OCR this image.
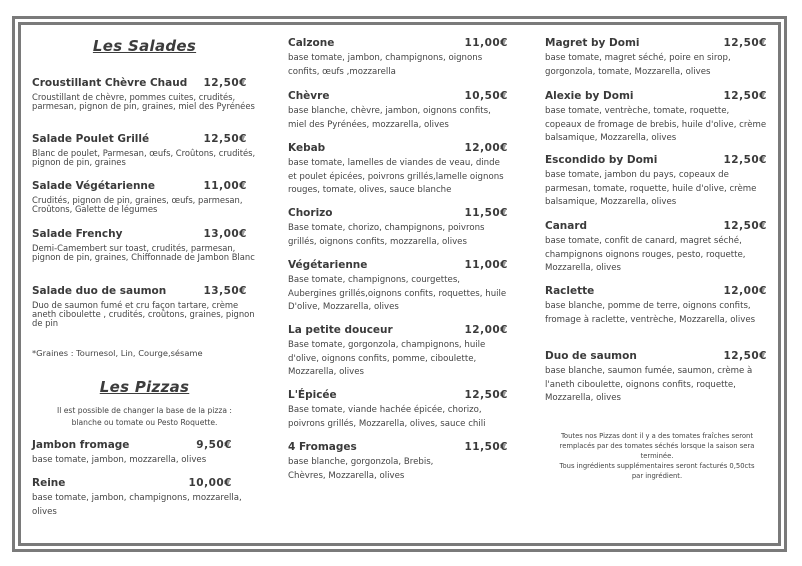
Les Salades
Croustillant Chèvre Chaud 12,50€
Croustillant de chèvre, pommes cuites, crudités, parmesan, pignon de pin, graines, miel des Pyrénées
Salade Poulet Grillé	12,50€
Blanc de poulet, Parmesan, œufs, Croûtons, crudités, pignon de pin, graines
Salade Végétarienne	11,00€
Crudités, pignon de pin, graines, œufs, parmesan, Croûtons, Galette de légumes
Salade Frenchy	13,00€
Demi-Camembert sur toast, crudités, parmesan, pignon de pin, graines, Chiffonnade de Jambon Blanc
Salade duo de saumon	13,50€
Duo de saumon fumé et cru façon tartare, crème aneth ciboulette , crudités, croûtons, graines, pignon de pin
*Graines : Tournesol, Lin, Courge,sésame
Les Pizzas
Il est possible de changer la base de la pizza :
blanche ou tomate ou Pesto Roquette.
Jambon fromage	9,50€
base tomate, jambon, mozzarella, olives
Reine	10,00€
base tomate, jambon, champignons, mozzarella, olives
Calzone	11,00€
base tomate, jambon, champignons, oignons confits, œufs ,mozzarella
Chèvre	10,50€
base blanche, chèvre, jambon, oignons confits, miel des Pyrénées, mozzarella, olives
Kebab	12,00€
base tomate, lamelles de viandes de veau, dinde et poulet épicées, poivrons grillés,lamelle oignons rouges, tomate, olives, sauce blanche
Chorizo	11,50€
Base tomate, chorizo, champignons, poivrons grillés, oignons confits, mozzarella, olives
Végétarienne	11,00€
Base tomate, champignons, courgettes, Aubergines grillés,oignons confits, roquettes, huile D'olive, Mozzarella, olives
La petite douceur	12,00€
Base tomate, gorgonzola, champignons, huile d'olive, oignons confits, pomme, ciboulette, Mozzarella, olives
L'Épicée	12,50€
Base tomate, viande hachée épicée, chorizo, poivrons grillés, Mozzarella, olives, sauce chili
4 Fromages	11,50€
base blanche, gorgonzola, Brebis, Chèvres, Mozzarella, olives
Magret by Domi	12,50€
base tomate, magret séché, poire en sirop, gorgonzola, tomate, Mozzarella, olives
Alexie by Domi	12,50€
base tomate, ventrèche, tomate, roquette, copeaux de fromage de brebis, huile d'olive, crème balsamique, Mozzarella, olives
Escondido by Domi	12,50€
base tomate, jambon du pays, copeaux de parmesan, tomate, roquette, huile d'olive, crème balsamique, Mozzarella, olives
Canard	12,50€
base tomate, confit de canard, magret séché, champignons oignons rouges, pesto, roquette, Mozzarella, olives
Raclette	12,00€
base blanche, pomme de terre, oignons confits, fromage à raclette, ventrèche, Mozzarella, olives
Duo de saumon	12,50€
base blanche, saumon fumée, saumon, crème à l'aneth ciboulette, oignons confits, roquette, Mozzarella, olives
Toutes nos Pizzas dont il y a des tomates fraîches seront
remplacés par des tomates séchés lorsque la saison sera
terminée.
Tous ingrédients supplémentaires seront facturés 0,50cts
par ingrédient.
